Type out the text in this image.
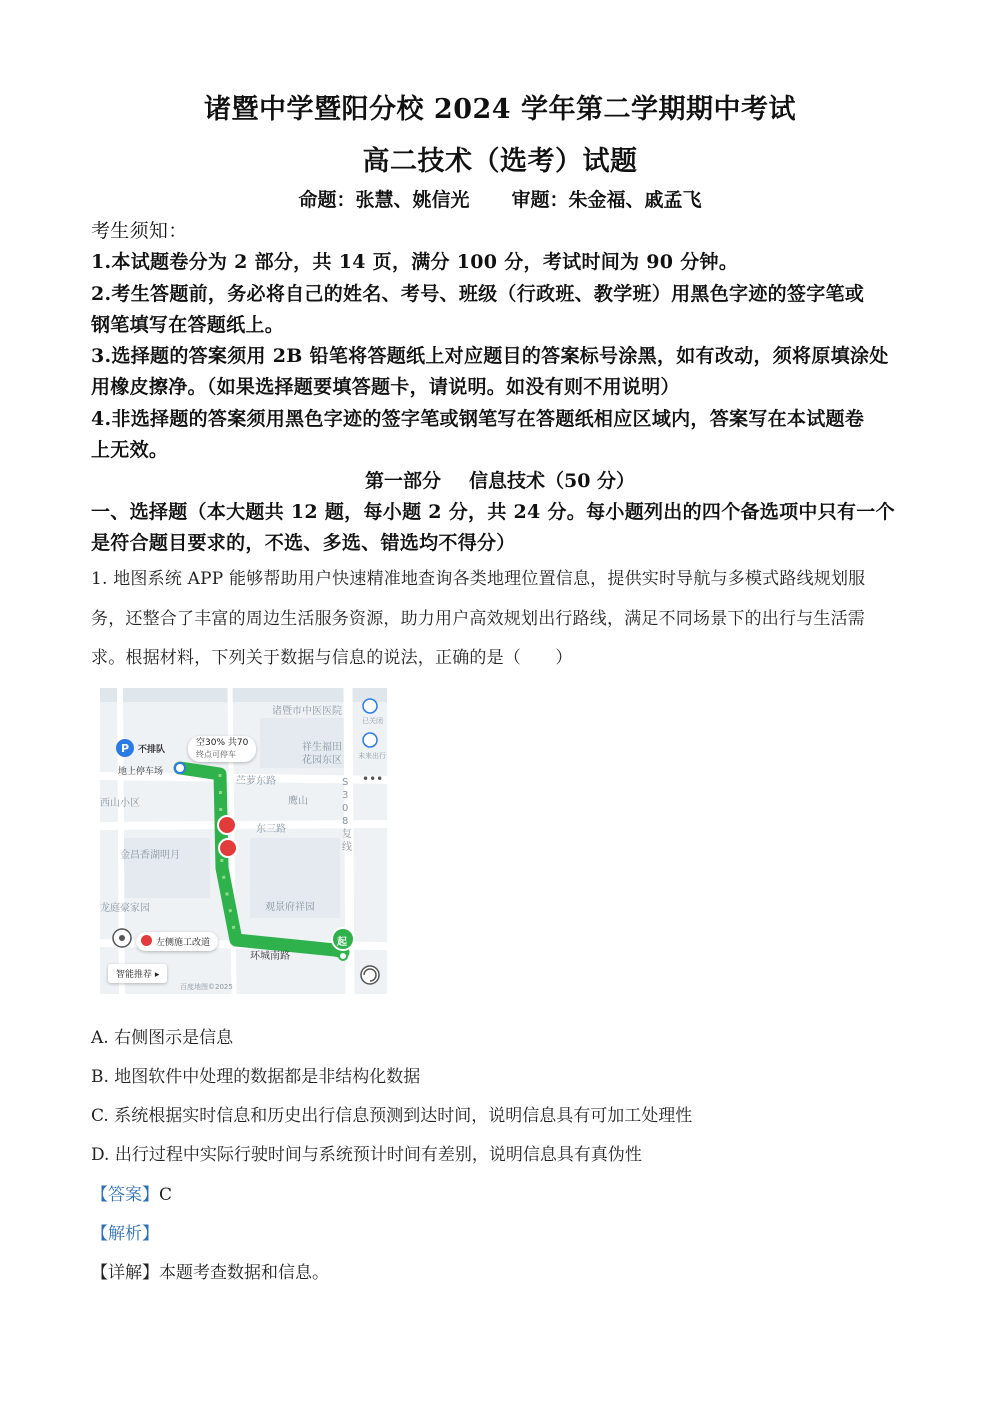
诸暨中学暨阳分校 2024 学年第二学期期中考试
高二技术（选考）试题
命题：张慧、姚信光 审题：朱金福、戚孟飞
考生须知：
1.本试题卷分为 2 部分，共 14 页，满分 100 分，考试时间为 90 分钟。
2.考生答题前，务必将自己的姓名、考号、班级（行政班、教学班）用黑色字迹的签字笔或
钢笔填写在答题纸上。
3.选择题的答案须用 2B 铅笔将答题纸上对应题目的答案标号涂黑，如有改动，须将原填涂处
用橡皮擦净。（如果选择题要填答题卡，请说明。如没有则不用说明）
4.非选择题的答案须用黑色字迹的签字笔或钢笔写在答题纸相应区域内，答案写在本试题卷
上无效。
第一部分 信息技术（50 分）
一、选择题（本大题共 12 题，每小题 2 分，共 24 分。每小题列出的四个备选项中只有一个
是符合题目要求的，不选、多选、错选均不得分）
1. 地图系统 APP 能够帮助用户快速精准地查询各类地理位置信息，提供实时导航与多模式路线规划服
务，还整合了丰富的周边生活服务资源，助力用户高效规划出行路线，满足不同场景下的出行与生活需
求。根据材料，下列关于数据与信息的说法，正确的是（　　）
P
•••
诸暨市中医医院
已关闭
未来出行
不排队
空30% 共70
终点可停车
地上停车场
祥生福田
花园东区
苎萝东路
鹰山
东三路
S308复线
西山小区
金昌香湖明月
龙庭豪家园	观景府祥园
环城南路
起
左侧施工改道
智能推荐 ▸
百度地图©2025
A. 右侧图示是信息
B. 地图软件中处理的数据都是非结构化数据
C. 系统根据实时信息和历史出行信息预测到达时间，说明信息具有可加工处理性
D. 出行过程中实际行驶时间与系统预计时间有差别，说明信息具有真伪性
【答案】C
【解析】
【详解】本题考查数据和信息。
